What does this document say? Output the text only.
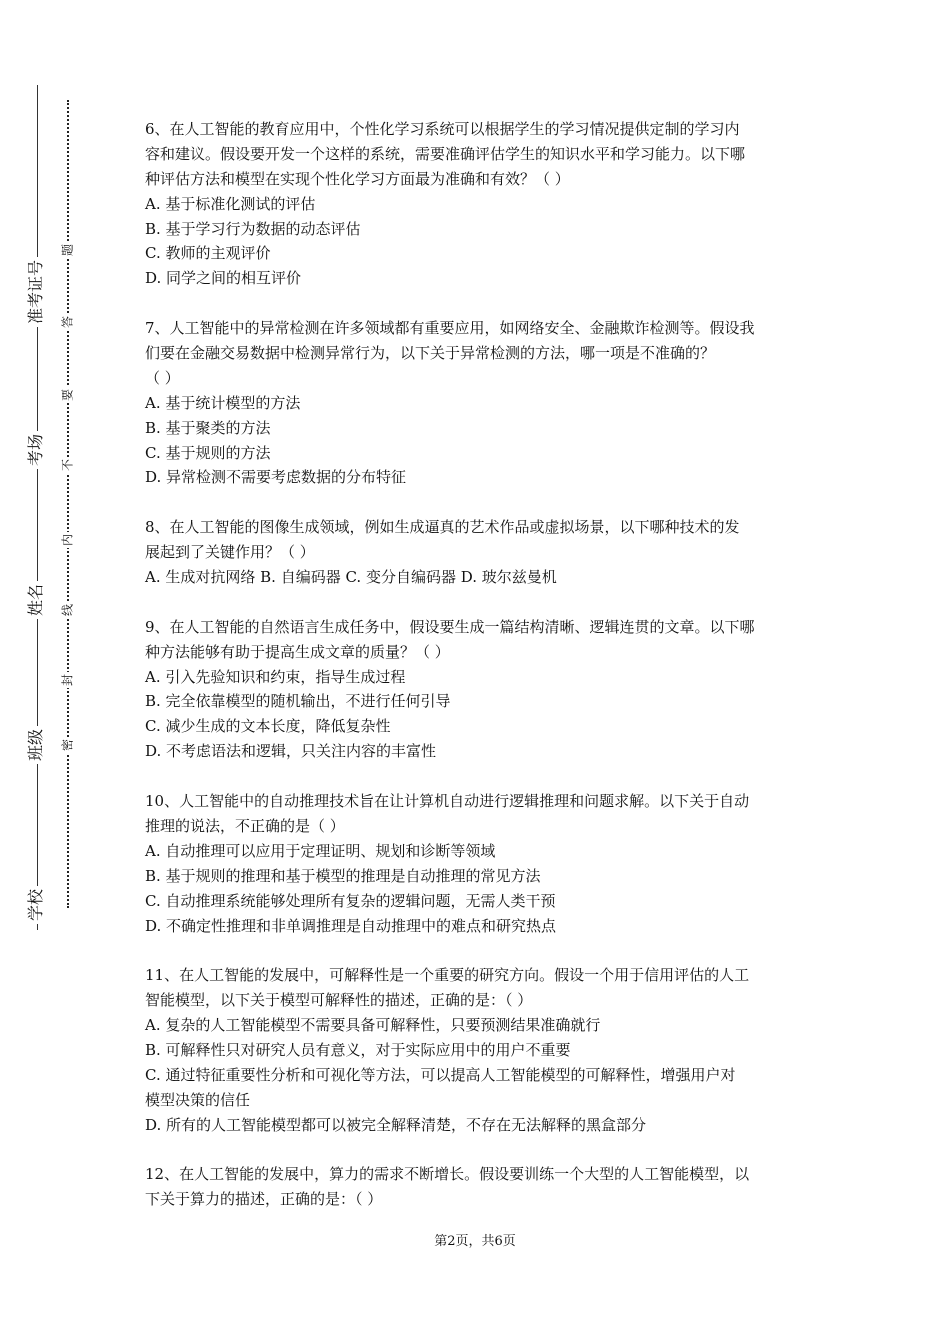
学校
班级
姓名
考场
准考证号
密
封
线
内
不
要
答
题
6、在人工智能的教育应用中，个性化学习系统可以根据学生的学习情况提供定制的学习内
容和建议。假设要开发一个这样的系统，需要准确评估学生的知识水平和学习能力。以下哪
种评估方法和模型在实现个性化学习方面最为准确和有效？（ ）
A. 基于标准化测试的评估
B. 基于学习行为数据的动态评估
C. 教师的主观评价
D. 同学之间的相互评价
7、人工智能中的异常检测在许多领域都有重要应用，如网络安全、金融欺诈检测等。假设我
们要在金融交易数据中检测异常行为，以下关于异常检测的方法，哪一项是不准确的？
（ ）
A. 基于统计模型的方法
B. 基于聚类的方法
C. 基于规则的方法
D. 异常检测不需要考虑数据的分布特征
8、在人工智能的图像生成领域，例如生成逼真的艺术作品或虚拟场景，以下哪种技术的发
展起到了关键作用？（ ）
A. 生成对抗网络 B. 自编码器 C. 变分自编码器 D. 玻尔兹曼机
9、在人工智能的自然语言生成任务中，假设要生成一篇结构清晰、逻辑连贯的文章。以下哪
种方法能够有助于提高生成文章的质量？（ ）
A. 引入先验知识和约束，指导生成过程
B. 完全依靠模型的随机输出，不进行任何引导
C. 减少生成的文本长度，降低复杂性
D. 不考虑语法和逻辑，只关注内容的丰富性
10、人工智能中的自动推理技术旨在让计算机自动进行逻辑推理和问题求解。以下关于自动
推理的说法，不正确的是（ ）
A. 自动推理可以应用于定理证明、规划和诊断等领域
B. 基于规则的推理和基于模型的推理是自动推理的常见方法
C. 自动推理系统能够处理所有复杂的逻辑问题，无需人类干预
D. 不确定性推理和非单调推理是自动推理中的难点和研究热点
11、在人工智能的发展中，可解释性是一个重要的研究方向。假设一个用于信用评估的人工
智能模型，以下关于模型可解释性的描述，正确的是：（ ）
A. 复杂的人工智能模型不需要具备可解释性，只要预测结果准确就行
B. 可解释性只对研究人员有意义，对于实际应用中的用户不重要
C. 通过特征重要性分析和可视化等方法，可以提高人工智能模型的可解释性，增强用户对
模型决策的信任
D. 所有的人工智能模型都可以被完全解释清楚，不存在无法解释的黑盒部分
12、在人工智能的发展中，算力的需求不断增长。假设要训练一个大型的人工智能模型，以
下关于算力的描述，正确的是：（ ）
第2页，共6页
